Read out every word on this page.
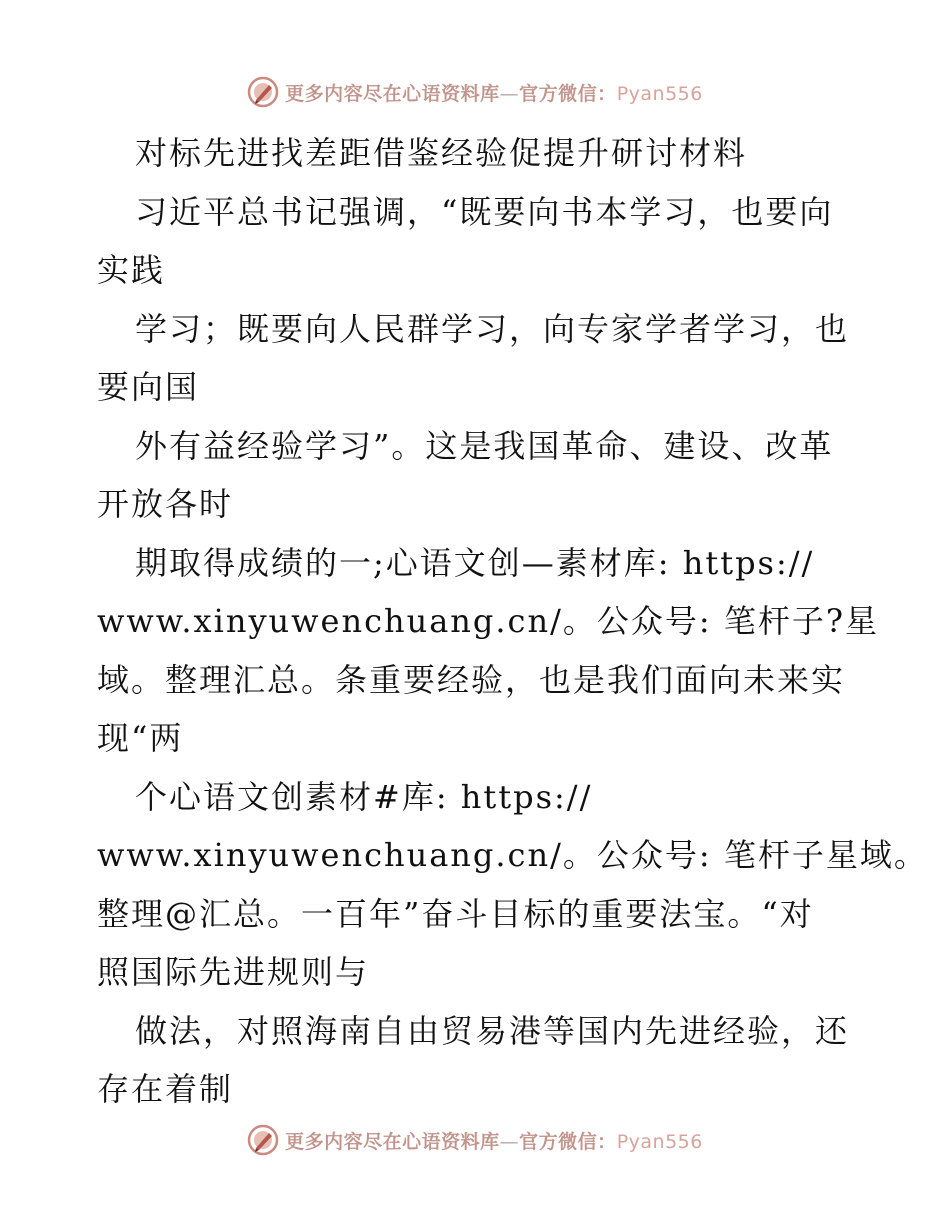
更多内容尽在心语资料库—官方微信：Pyan556
对标先进找差距借鉴经验促提升研讨材料
习近平总书记强调，“既要向书本学习，也要向
实践
学习；既要向人民群学习，向专家学者学习，也
要向国
外有益经验学习”。这是我国革命、建设、改革
开放各时
期取得成绩的一;心语文创—素材库: https://
www.xinyuwenchuang.cn/。公众号: 笔杆子?星
域。整理汇总。条重要经验，也是我们面向未来实
现“两
个心语文创素材#库: https://
www.xinyuwenchuang.cn/。公众号: 笔杆子星域。
整理@汇总。一百年”奋斗目标的重要法宝。“对
照国际先进规则与
做法，对照海南自由贸易港等国内先进经验，还
存在着制
更多内容尽在心语资料库—官方微信：Pyan556
